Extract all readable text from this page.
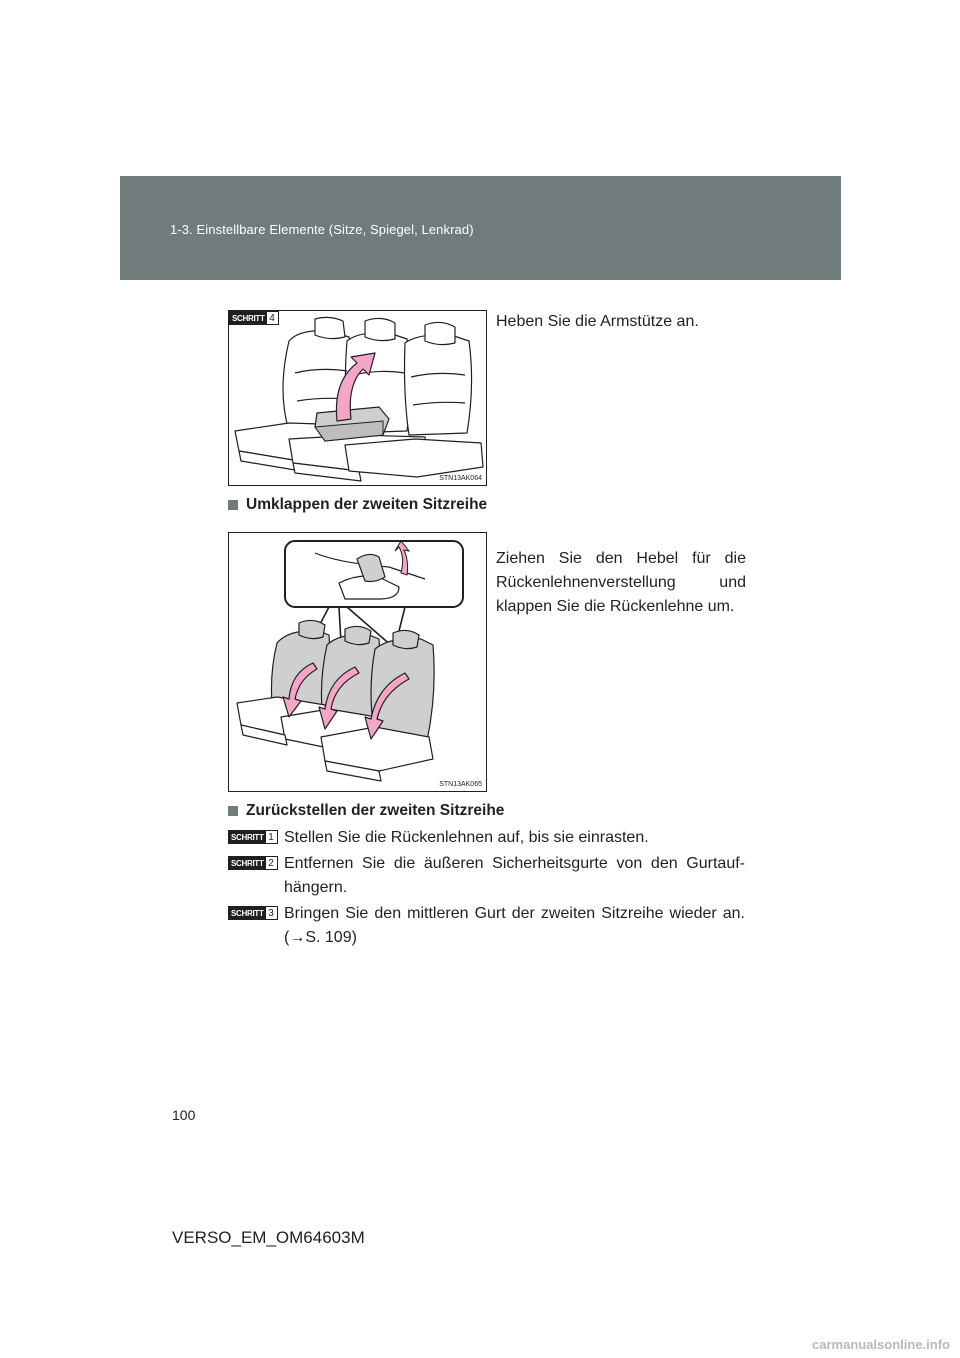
1-3. Einstellbare Elemente (Sitze, Spiegel, Lenkrad)
SCHRITT 4
STN13AK064
Heben Sie die Armstütze an.
Umklappen der zweiten Sitzreihe
STN13AK065
Ziehen Sie den Hebel für die Rückenlehnenverstellung und klappen Sie die Rückenlehne um.
Zurückstellen der zweiten Sitzreihe
SCHRITT 1 Stellen Sie die Rückenlehnen auf, bis sie einrasten.
SCHRITT 2 Entfernen Sie die äußeren Sicherheitsgurte von den Gurtauf-hängern.
SCHRITT 3 Bringen Sie den mittleren Gurt der zweiten Sitzreihe wieder an. (→S. 109)
100
VERSO_EM_OM64603M
carmanualsonline.info
